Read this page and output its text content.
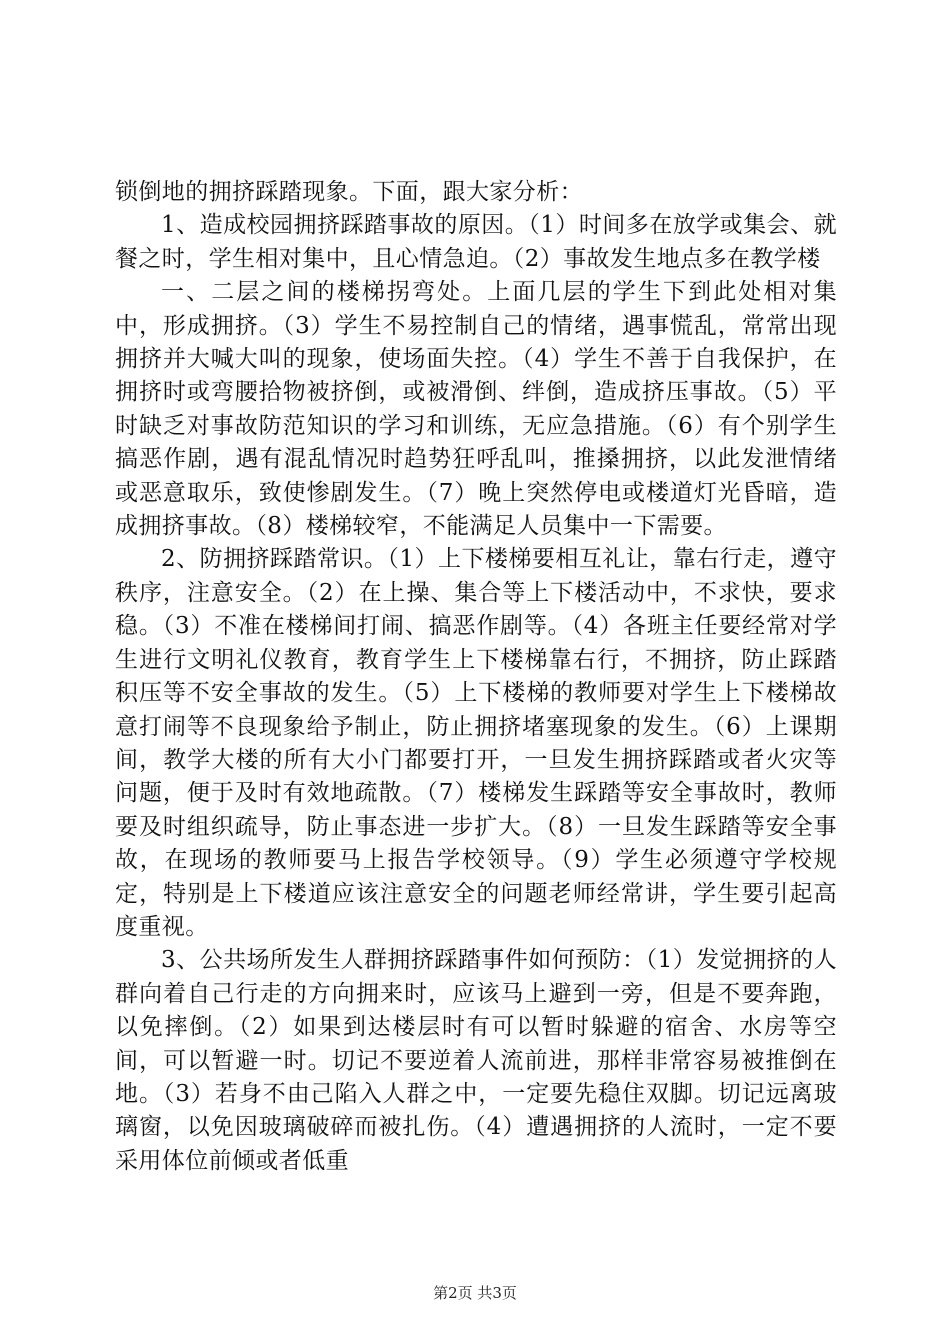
锁倒地的拥挤踩踏现象。下面，跟大家分析：

1、造成校园拥挤踩踏事故的原因。（1）时间多在放学或集会、就餐之时，学生相对集中，且心情急迫。（2）事故发生地点多在教学楼

一、二层之间的楼梯拐弯处。上面几层的学生下到此处相对集中，形成拥挤。（3）学生不易控制自己的情绪，遇事慌乱，常常出现拥挤并大喊大叫的现象，使场面失控。（4）学生不善于自我保护，在拥挤时或弯腰拾物被挤倒，或被滑倒、绊倒，造成挤压事故。（5）平时缺乏对事故防范知识的学习和训练，无应急措施。（6）有个别学生搞恶作剧，遇有混乱情况时趋势狂呼乱叫，推搡拥挤，以此发泄情绪或恶意取乐，致使惨剧发生。（7）晚上突然停电或楼道灯光昏暗，造成拥挤事故。（8）楼梯较窄，不能满足人员集中一下需要。

2、防拥挤踩踏常识。（1）上下楼梯要相互礼让，靠右行走，遵守秩序，注意安全。（2）在上操、集合等上下楼活动中，不求快，要求稳。（3）不准在楼梯间打闹、搞恶作剧等。（4）各班主任要经常对学生进行文明礼仪教育，教育学生上下楼梯靠右行，不拥挤，防止踩踏积压等不安全事故的发生。（5）上下楼梯的教师要对学生上下楼梯故意打闹等不良现象给予制止，防止拥挤堵塞现象的发生。（6）上课期间，教学大楼的所有大小门都要打开，一旦发生拥挤踩踏或者火灾等问题，便于及时有效地疏散。（7）楼梯发生踩踏等安全事故时，教师要及时组织疏导，防止事态进一步扩大。（8）一旦发生踩踏等安全事故，在现场的教师要马上报告学校领导。（9）学生必须遵守学校规定，特别是上下楼道应该注意安全的问题老师经常讲，学生要引起高度重视。

3、公共场所发生人群拥挤踩踏事件如何预防：（1）发觉拥挤的人群向着自己行走的方向拥来时，应该马上避到一旁，但是不要奔跑，以免摔倒。（2）如果到达楼层时有可以暂时躲避的宿舍、水房等空间，可以暂避一时。切记不要逆着人流前进，那样非常容易被推倒在地。（3）若身不由己陷入人群之中，一定要先稳住双脚。切记远离玻璃窗，以免因玻璃破碎而被扎伤。（4）遭遇拥挤的人流时，一定不要采用体位前倾或者低重

第2页 共3页
